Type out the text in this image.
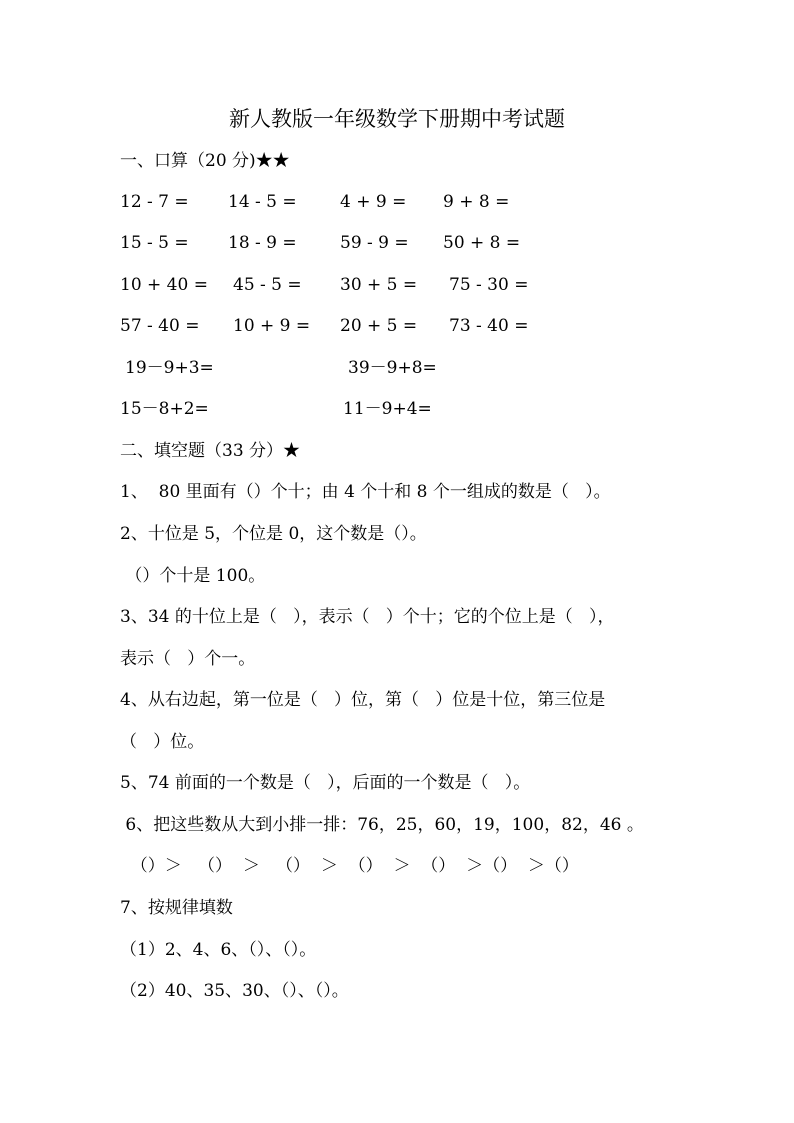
新人教版一年级数学下册期中考试题
一、口算（20 分)★★
12 - 7 = 14 - 5 =	4 + 9 = 9 + 8 =
15 - 5 = 18 - 9 =	59 - 9 = 50 + 8 =
10 + 40 = 45 - 5 = 30 + 5 = 75 - 30 =
57 - 40 = 10 + 9 = 20 + 5 = 73 - 40 =
19－9+3=	39－9+8=
15－8+2=	11－9+4=
二、填空题（33 分）★
1、  80 里面有（）个十；由 4 个十和 8 个一组成的数是（   ）。
2、十位是 5，个位是 0，这个数是（）。
（）个十是 100。
3、34 的十位上是（   ），表示（   ）个十；它的个位上是（   ），
表示（   ）个一。
4、从右边起，第一位是（   ）位，第（   ）位是十位，第三位是
（   ）位。
5、74 前面的一个数是（   ），后面的一个数是（   ）。
6、把这些数从大到小排一排：76，25，60，19，100，82，46 。
（）＞   （）  ＞   （）  ＞  （）  ＞  （）  ＞（）  ＞（）
7、按规律填数
（1）2、4、6、（）、（）。
（2）40、35、30、（）、（）。
